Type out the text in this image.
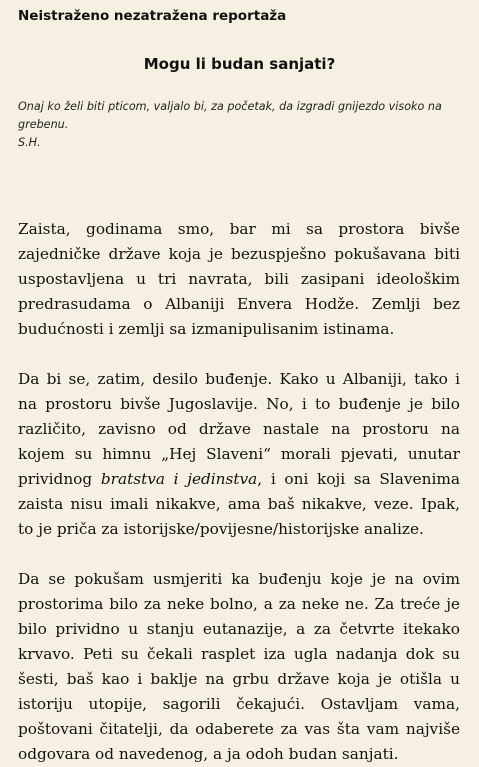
Neistraženo nezatražena reportaža
Mogu li budan sanjati?
Onaj ko želi biti pticom, valjalo bi, za početak, da izgradi gnijezdo visoko na grebenu.
S.H.

Zaista, godinama smo, bar mi sa prostora bivše zajedničke države koja je bezuspješno pokušavana biti uspostavljena u tri navrata, bili zasipani ideološkim predrasudama o Albaniji Envera Hodže. Zemlji bez budućnosti i zemlji sa izmanipulisanim istinama.

Da bi se, zatim, desilo buđenje. Kako u Albaniji, tako i na prostoru bivše Jugoslavije. No, i to buđenje je bilo različito, zavisno od države nastale na prostoru na kojem su himnu „Hej Slaveni“ morali pjevati, unutar prividnog bratstva i jedinstva, i oni koji sa Slavenima zaista nisu imali nikakve, ama baš nikakve, veze. Ipak, to je priča za istorijske/povijesne/historijske analize.

Da se pokušam usmjeriti ka buđenju koje je na ovim prostorima bilo za neke bolno, a za neke ne. Za treće je bilo prividno u stanju eutanazije, a za četvrte itekako krvavo. Peti su čekali rasplet iza ugla nadanja dok su šesti, baš kao i baklje na grbu države koja je otišla u istoriju utopije, sagorili čekajući. Ostavljam vama, poštovani čitatelji, da odaberete za vas šta vam najviše odgovara od navedenog, a ja odoh budan sanjati.
